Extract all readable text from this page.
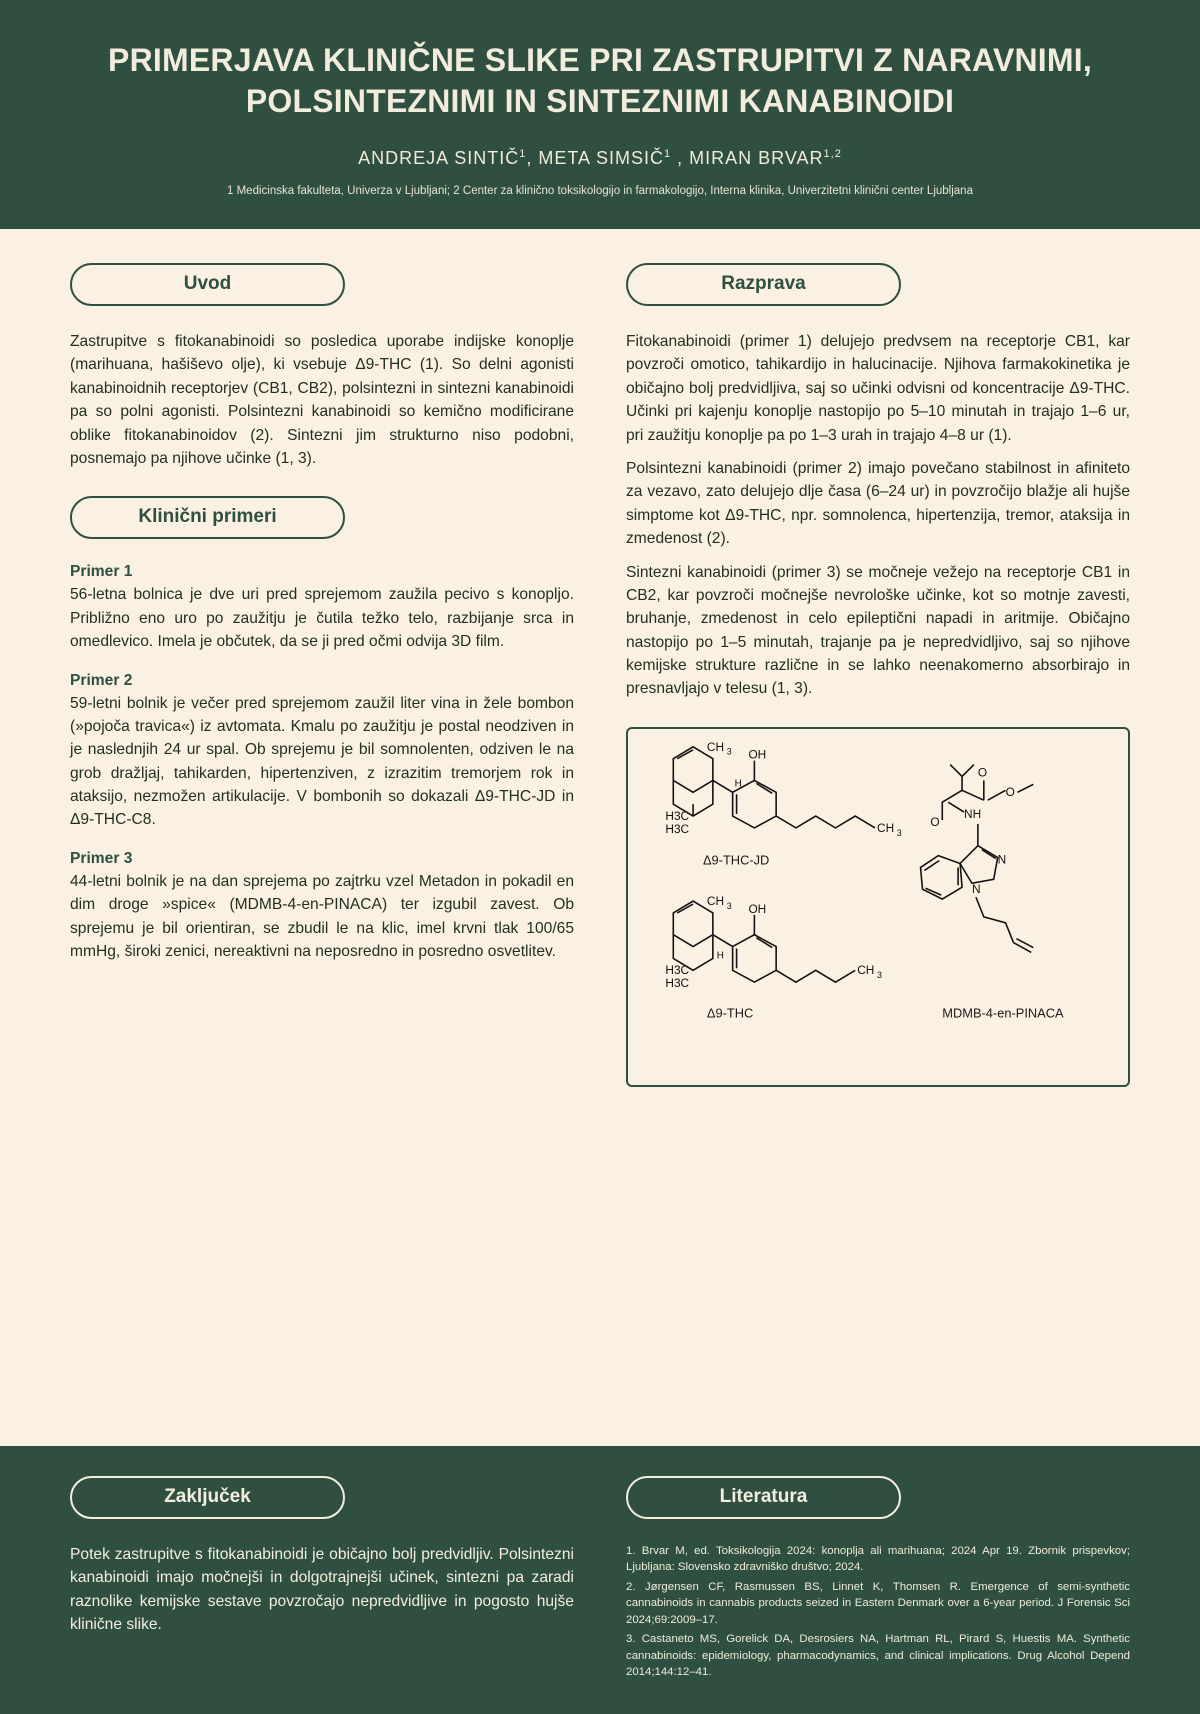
PRIMERJAVA KLINIČNE SLIKE PRI ZASTRUPITVI Z NARAVNIMI, POLSINTEZNIMI IN SINTEZNIMI KANABINOIDI
ANDREJA SINTIČ$^1$, META SIMSIČ$^1$ , MIRAN BRVAR$^{1,2}$
1 Medicinska fakulteta, Univerza v Ljubljani; 2 Center za klinično toksikologijo in farmakologijo, Interna klinika, Univerzitetni klinični center Ljubljana
Uvod

Zastrupitve s fitokanabinoidi so posledica uporabe indijske konoplje (marihuana, hašiševo olje), ki vsebuje Δ9-THC (1). So delni agonisti kanabinoidnih receptorjev (CB1, CB2), polsintezni in sintezni kanabinoidi pa so polni agonisti. Polsintezni kanabinoidi so kemično modificirane oblike fitokanabinoidov (2). Sintezni jim strukturno niso podobni, posnemajo pa njihove učinke (1, 3).

Klinični primeri
Primer 1

56-letna bolnica je dve uri pred sprejemom zaužila pecivo s konopljo. Približno eno uro po zaužitju je čutila težko telo, razbijanje srca in omedlevico. Imela je občutek, da se ji pred očmi odvija 3D film.

Primer 2

59-letni bolnik je večer pred sprejemom zaužil liter vina in žele bombon (»pojoča travica«) iz avtomata. Kmalu po zaužitju je postal neodziven in je naslednjih 24 ur spal. Ob sprejemu je bil somnolenten, odziven le na grob dražljaj, tahikarden, hipertenziven, z izrazitim tremorjem rok in ataksijo, nezmožen artikulacije. V bombonih so dokazali Δ9-THC-JD in Δ9-THC-C8.

Primer 3

44-letni bolnik je na dan sprejema po zajtrku vzel Metadon in pokadil en dim droge »spice« (MDMB-4-en-PINACA) ter izgubil zavest. Ob sprejemu je bil orientiran, se zbudil le na klic, imel krvni tlak 100/65 mmHg, široki zenici, nereaktivni na neposredno in posredno osvetlitev.

Razprava

Fitokanabinoidi (primer 1) delujejo predvsem na receptorje CB1, kar povzroči omotico, tahikardijo in halucinacije. Njihova farmakokinetika je običajno bolj predvidljiva, saj so učinki odvisni od koncentracije Δ9-THC. Učinki pri kajenju konoplje nastopijo po 5–10 minutah in trajajo 1–6 ur, pri zaužitju konoplje pa po 1–3 urah in trajajo 4–8 ur (1).

Polsintezni kanabinoidi (primer 2) imajo povečano stabilnost in afiniteto za vezavo, zato delujejo dlje časa (6–24 ur) in povzročijo blažje ali hujše simptome kot Δ9-THC, npr. somnolenca, hipertenzija, tremor, ataksija in zmedenost (2).

Sintezni kanabinoidi (primer 3) se močneje vežejo na receptorje CB1 in CB2, kar povzroči močnejše nevrološke učinke, kot so motnje zavesti, bruhanje, zmedenost in celo epileptični napadi in aritmije. Običajno nastopijo po 1–5 minutah, trajanje pa je nepredvidljivo, saj so njihove kemijske strukture različne in se lahko neenakomerno absorbirajo in presnavljajo v telesu (1, 3).

CH 3
H
H3C
H3C
OH
CH 3
Δ9-THC-JD
CH 3
H
H3C
H3C
OH
CH 3
Δ9-THC
O
O
O
NH
N
N
MDMB-4-en-PINACA
Zaključek

Potek zastrupitve s fitokanabinoidi je običajno bolj predvidljiv. Polsintezni kanabinoidi imajo močnejši in dolgotrajnejši učinek, sintezni pa zaradi raznolike kemijske sestave povzročajo nepredvidljive in pogosto hujše klinične slike.

Literatura
1. Brvar M, ed. Toksikologija 2024: konoplja ali marihuana; 2024 Apr 19. Zbornik prispevkov; Ljubljana: Slovensko zdravniško društvo; 2024.
2. Jørgensen CF, Rasmussen BS, Linnet K, Thomsen R. Emergence of semi-synthetic cannabinoids in cannabis products seized in Eastern Denmark over a 6-year period. J Forensic Sci 2024;69:2009–17.
3. Castaneto MS, Gorelick DA, Desrosiers NA, Hartman RL, Pirard S, Huestis MA. Synthetic cannabinoids: epidemiology, pharmacodynamics, and clinical implications. Drug Alcohol Depend 2014;144:12–41.
